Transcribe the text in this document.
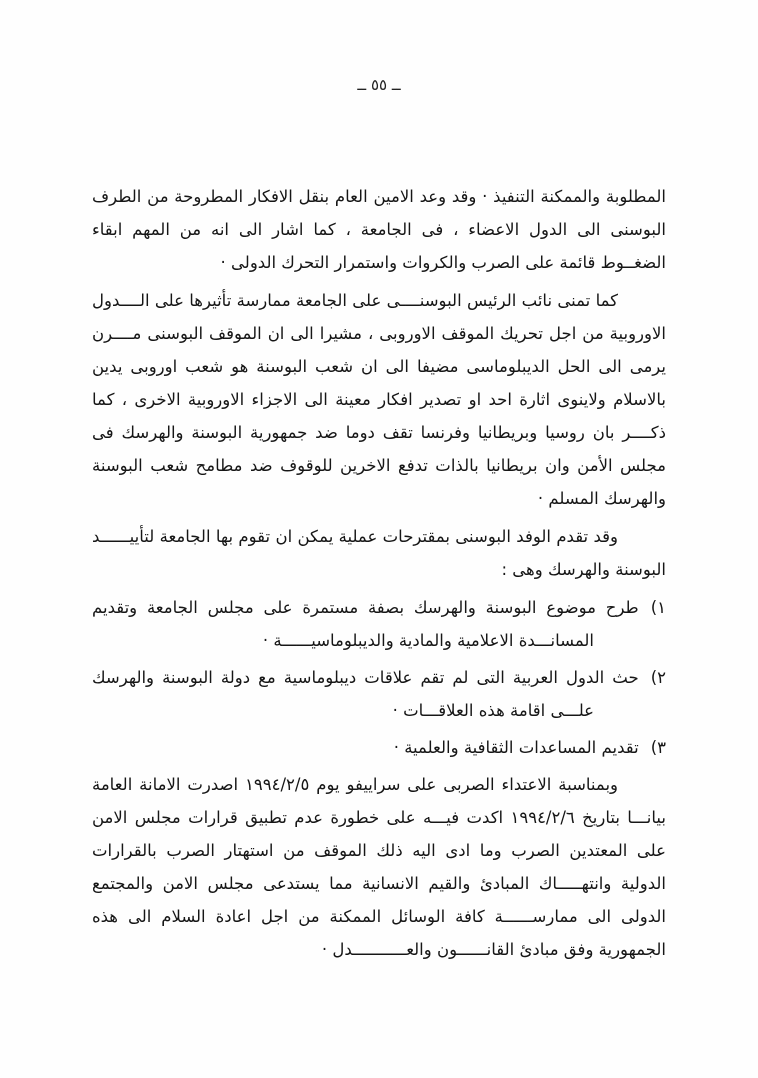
ــ ٥٥ ــ

المطلوبة والممكنة التنفيذ · وقد وعد الامين العام بنقل الافكار المطروحة من الطرف البوسنى الى الدول الاعضاء ، فى الجامعة ، كما اشار الى انه من المهم ابقاء الضغــوط قائمة على الصرب والكروات واستمرار التحرك الدولى ·

كما تمنى نائب الرئيس البوسنــــى على الجامعة ممارسة تأثيرها على الــــدول الاوروبية من اجل تحريك الموقف الاوروبى ، مشيرا الى ان الموقف البوسنى مــــرن يرمى الى الحل الديبلوماسى مضيفا الى ان شعب البوسنة هو شعب اوروبى يدين بالاسلام ولاينوى اثارة احد او تصدير افكار معينة الى الاجزاء الاوروبية الاخرى ، كما ذكــــر بان روسيا وبريطانيا وفرنسا تقف دوما ضد جمهورية البوسنة والهرسك فى مجلس الأمن وان بريطانيا بالذات تدفع الاخرين للوقوف ضد مطامح شعب البوسنة والهرسك المسلم ·

وقد تقدم الوفد البوسنى بمقترحات عملية يمكن ان تقوم بها الجامعة لتأييــــــد البوسنة والهرسك وهى :

١)طرح موضوع البوسنة والهرسك بصفة مستمرة على مجلس الجامعة وتقديم المسانـــدة الاعلامية والمادية والديبلوماسيــــــة ·
٢)حث الدول العربية التى لم تقم علاقات ديبلوماسية مع دولة البوسنة والهرسك علـــى اقامة هذه العلاقـــات ·
٣)تقديم المساعدات الثقافية والعلمية ·

وبمناسبة الاعتداء الصربى على سراييفو يوم ١٩٩٤/٢/٥ اصدرت الامانة العامة بيانـــا بتاريخ ١٩٩٤/٢/٦ اكدت فيـــه على خطورة عدم تطبيق قرارات مجلس الامن على المعتدين الصرب وما ادى اليه ذلك الموقف من استهتار الصرب بالقرارات الدولية وانتهـــــاك المبادئ والقيم الانسانية مما يستدعى مجلس الامن والمجتمع الدولى الى ممارســــــة كافة الوسائل الممكنة من اجل اعادة السلام الى هذه الجمهورية وفق مبادئ القانــــــون والعـــــــــــدل ·
